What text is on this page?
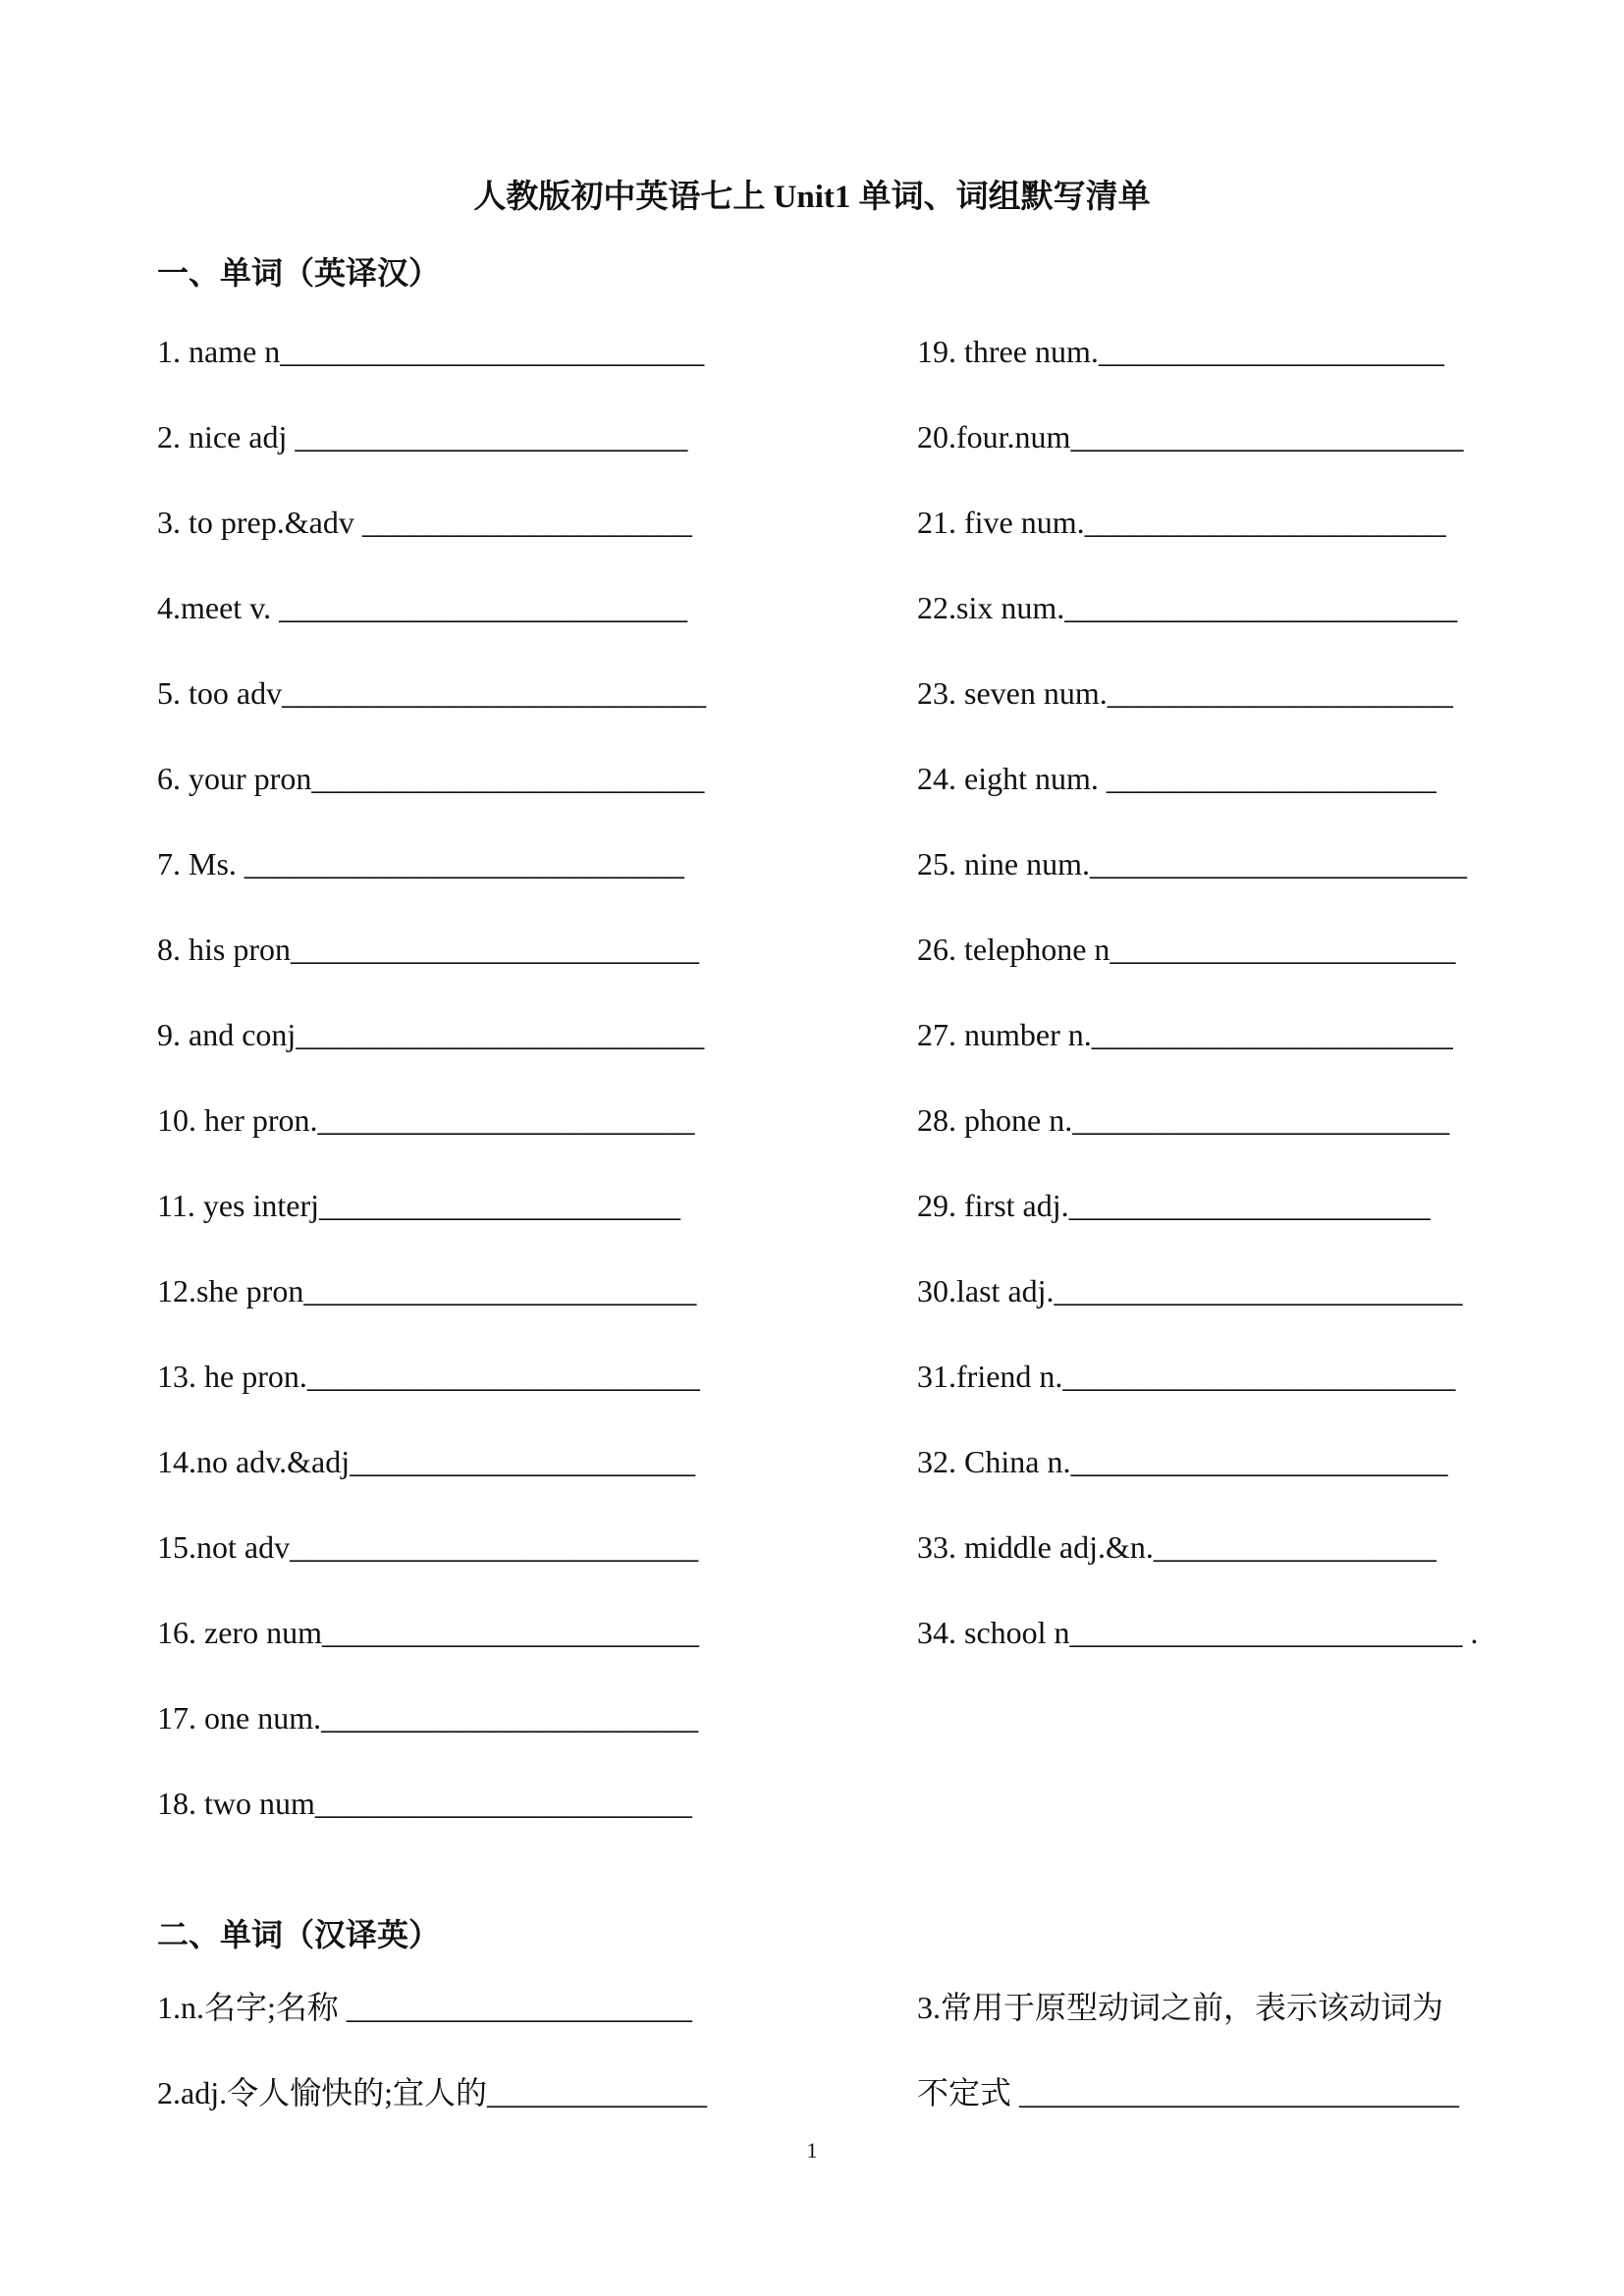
人教版初中英语七上 Unit1 单词、词组默写清单
一、单词（英译汉）
1. name n___________________________
2. nice adj _________________________
3. to prep.&adv _____________________
4.meet v. __________________________
5. too adv___________________________
6. your pron_________________________
7. Ms. ____________________________
8. his pron__________________________
9. and conj__________________________
10. her pron.________________________
11. yes interj_______________________
12.she pron_________________________
13. he pron._________________________
14.no adv.&adj______________________
15.not adv__________________________
16. zero num________________________
17. one num.________________________
18. two num________________________
19. three num.______________________
20.four.num_________________________
21. five num._______________________
22.six num._________________________
23. seven num.______________________
24. eight num. _____________________
25. nine num.________________________
26. telephone n______________________
27. number n._______________________
28. phone n.________________________
29. first adj._______________________
30.last adj.__________________________
31.friend n._________________________
32. China n.________________________
33. middle adj.&n.__________________
34. school n_________________________ .
二、单词（汉译英）
1.n.名字;名称 ______________________
2.adj.令人愉快的;宜人的______________
3.常用于原型动词之前，表示该动词为
不定式 ____________________________
1
